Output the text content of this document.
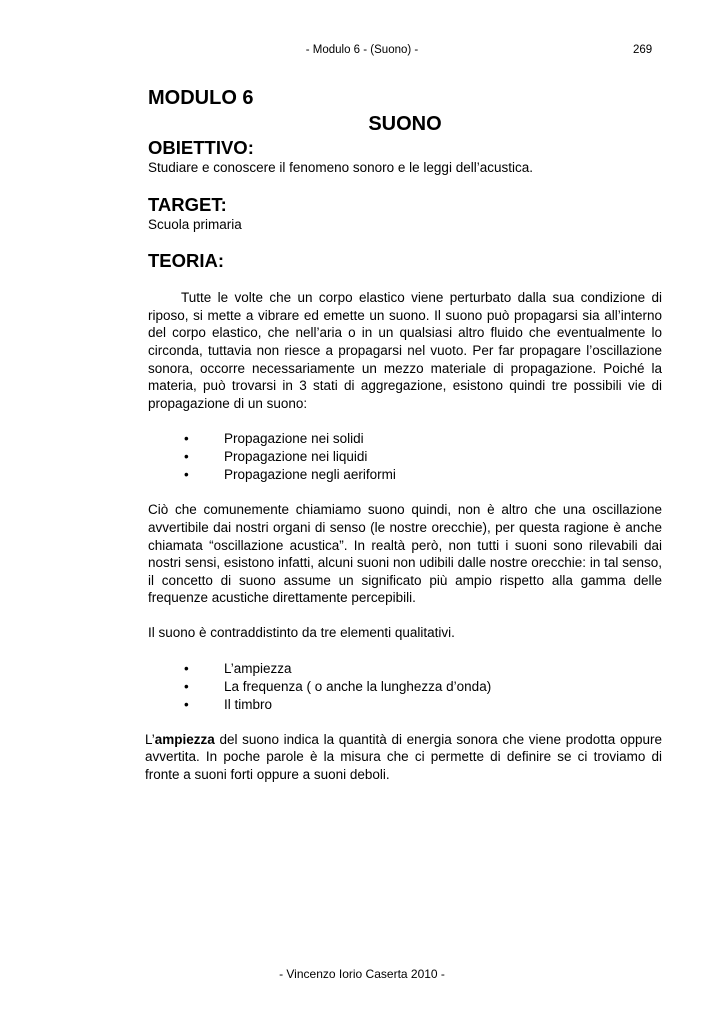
- Modulo 6 - (Suono) -	269
MODULO 6
SUONO
OBIETTIVO:

Studiare e conoscere il fenomeno sonoro e le leggi dell’acustica.

TARGET:

Scuola primaria

TEORIA:

Tutte le volte che un corpo elastico viene perturbato dalla sua condizione di riposo, si mette a vibrare ed emette un suono. Il suono può propagarsi sia all’interno del corpo elastico, che nell’aria o in un qualsiasi altro fluido che eventualmente lo circonda, tuttavia non riesce a propagarsi nel vuoto. Per far propagare l’oscillazione sonora, occorre necessariamente un mezzo materiale di propagazione. Poiché la materia, può trovarsi in 3 stati di aggregazione, esistono quindi tre possibili vie di propagazione di un suono:

•	Propagazione nei solidi
•	Propagazione nei liquidi
•	Propagazione negli aeriformi

Ciò che comunemente chiamiamo suono quindi, non è altro che una oscillazione avvertibile dai nostri organi di senso (le nostre orecchie), per questa ragione è anche chiamata “oscillazione acustica”. In realtà però, non tutti i suoni sono rilevabili dai nostri sensi, esistono infatti, alcuni suoni non udibili dalle nostre orecchie: in tal senso, il concetto di suono assume un significato più ampio rispetto alla gamma delle frequenze acustiche direttamente percepibili.

Il suono è contraddistinto da tre elementi qualitativi.

•	L’ampiezza
•	La frequenza ( o anche la lunghezza d’onda)
•	Il timbro

L’ampiezza del suono indica la quantità di energia sonora che viene prodotta oppure avvertita. In poche parole è la misura che ci permette di definire se ci troviamo di fronte a suoni forti oppure a suoni deboli.

- Vincenzo Iorio Caserta 2010 -
